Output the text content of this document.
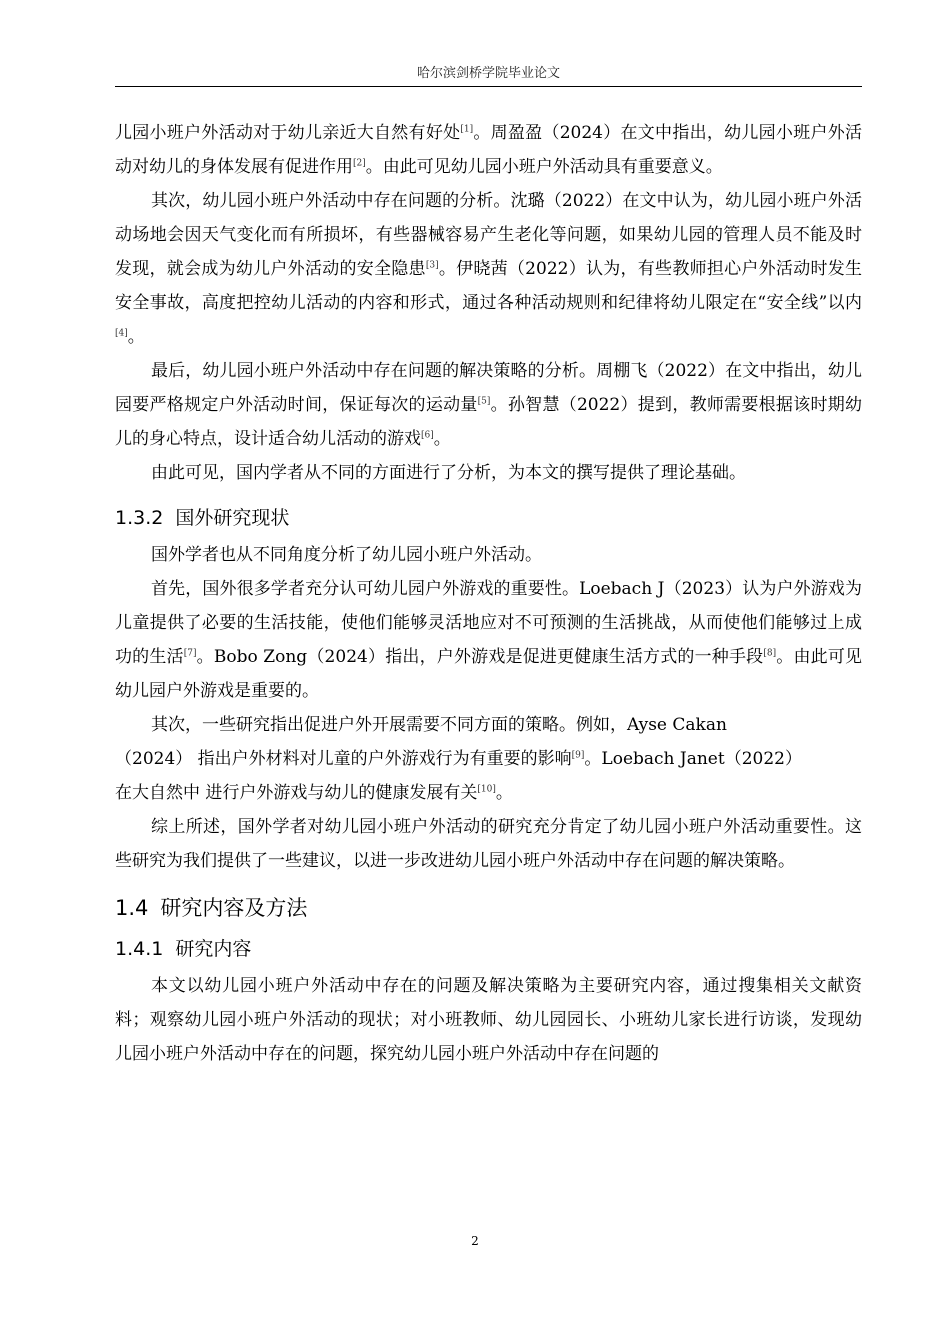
哈尔滨剑桥学院毕业论文

儿园小班户外活动对于幼儿亲近大自然有好处[1]。周盈盈（2024）在文中指出，幼儿园小班户外活动对幼儿的身体发展有促进作用[2]。由此可见幼儿园小班户外活动具有重要意义。

其次，幼儿园小班户外活动中存在问题的分析。沈璐（2022）在文中认为，幼儿园小班户外活动场地会因天气变化而有所损坏，有些器械容易产生老化等问题，如果幼儿园的管理人员不能及时发现，就会成为幼儿户外活动的安全隐患[3]。伊晓茜（2022）认为，有些教师担心户外活动时发生安全事故，高度把控幼儿活动的内容和形式，通过各种活动规则和纪律将幼儿限定在“安全线”以内[4]。

最后，幼儿园小班户外活动中存在问题的解决策略的分析。周棚飞（2022）在文中指出，幼儿园要严格规定户外活动时间，保证每次的运动量[5]。孙智慧（2022）提到，教师需要根据该时期幼儿的身心特点，设计适合幼儿活动的游戏[6]。

由此可见，国内学者从不同的方面进行了分析，为本文的撰写提供了理论基础。

1.3.2 国外研究现状

国外学者也从不同角度分析了幼儿园小班户外活动。

首先，国外很多学者充分认可幼儿园户外游戏的重要性。Loebach J（2023）认为户外游戏为儿童提供了必要的生活技能，使他们能够灵活地应对不可预测的生活挑战，从而使他们能够过上成功的生活[7]。Bobo Zong（2024）指出，户外游戏是促进更健康生活方式的一种手段[8]。由此可见幼儿园户外游戏是重要的。

其次，一些研究指出促进户外开展需要不同方面的策略。例如，Ayse Cakan
（2024） 指出户外材料对儿童的户外游戏行为有重要的影响[9]。Loebach Janet（2022）
在大自然中 进行户外游戏与幼儿的健康发展有关[10]。

综上所述，国外学者对幼儿园小班户外活动的研究充分肯定了幼儿园小班户外活动重要性。这些研究为我们提供了一些建议，以进一步改进幼儿园小班户外活动中存在问题的解决策略。

1.4 研究内容及方法
1.4.1 研究内容

本文以幼儿园小班户外活动中存在的问题及解决策略为主要研究内容，通过搜集相关文献资料；观察幼儿园小班户外活动的现状；对小班教师、幼儿园园长、小班幼儿家长进行访谈，发现幼儿园小班户外活动中存在的问题，探究幼儿园小班户外活动中存在问题的

2
